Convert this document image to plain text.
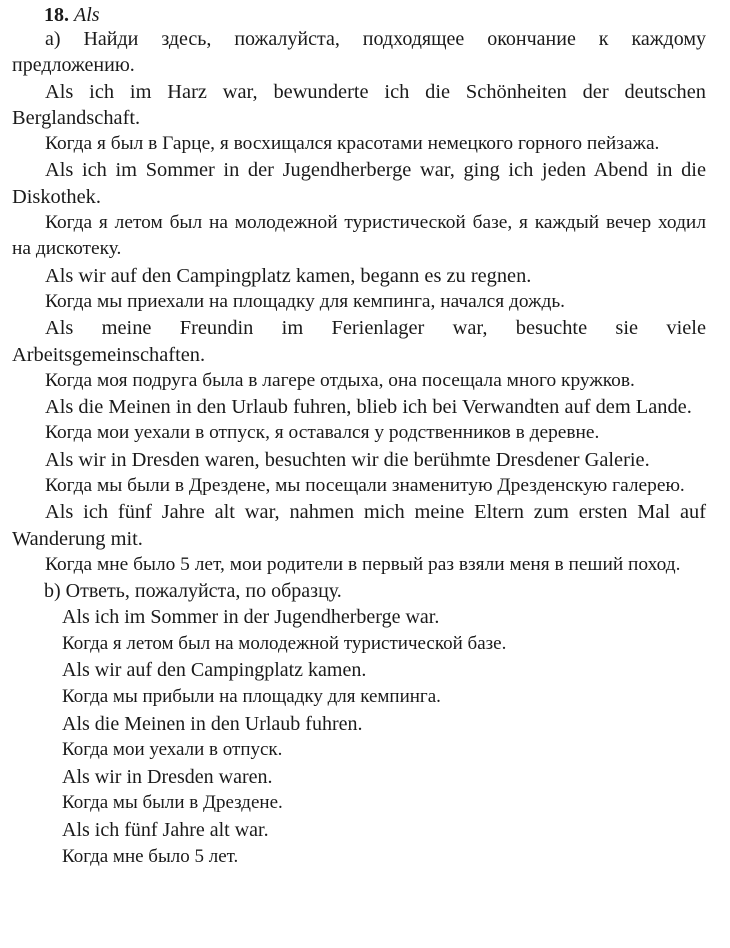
18. Als
a) Найди здесь, пожалуйста, подходящее окончание к каждому предложению.
Als ich im Harz war, bewunderte ich die Schönheiten der deutschen Berglandschaft.
Когда я был в Гарце, я восхищался красотами немецкого горного пейзажа.
Als ich im Sommer in der Jugendherberge war, ging ich jeden Abend in die Diskothek.
Когда я летом был на молодежной туристической базе, я каждый вечер ходил на дискотеку.
Als wir auf den Campingplatz kamen, begann es zu regnen.
Когда мы приехали на площадку для кемпинга, начался дождь.
Als meine Freundin im Ferienlager war, besuchte sie viele Arbeitsgemeinschaften.
Когда моя подруга была в лагере отдыха, она посещала много кружков.
Als die Meinen in den Urlaub fuhren, blieb ich bei Verwandten auf dem Lande.
Когда мои уехали в отпуск, я оставался у родственников в деревне.
Als wir in Dresden waren, besuchten wir die berühmte Dresdener Galerie.
Когда мы были в Дрездене, мы посещали знаменитую Дрезденскую галерею.
Als ich fünf Jahre alt war, nahmen mich meine Eltern zum ersten Mal auf Wanderung mit.
Когда мне было 5 лет, мои родители в первый раз взяли меня в пеший поход.
b) Ответь, пожалуйста, по образцу.
Als ich im Sommer in der Jugendherberge war.
Когда я летом был на молодежной туристической базе.
Als wir auf den Campingplatz kamen.
Когда мы прибыли на площадку для кемпинга.
Als die Meinen in den Urlaub fuhren.
Когда мои уехали в отпуск.
Als wir in Dresden waren.
Когда мы были в Дрездене.
Als ich fünf Jahre alt war.
Когда мне было 5 лет.
